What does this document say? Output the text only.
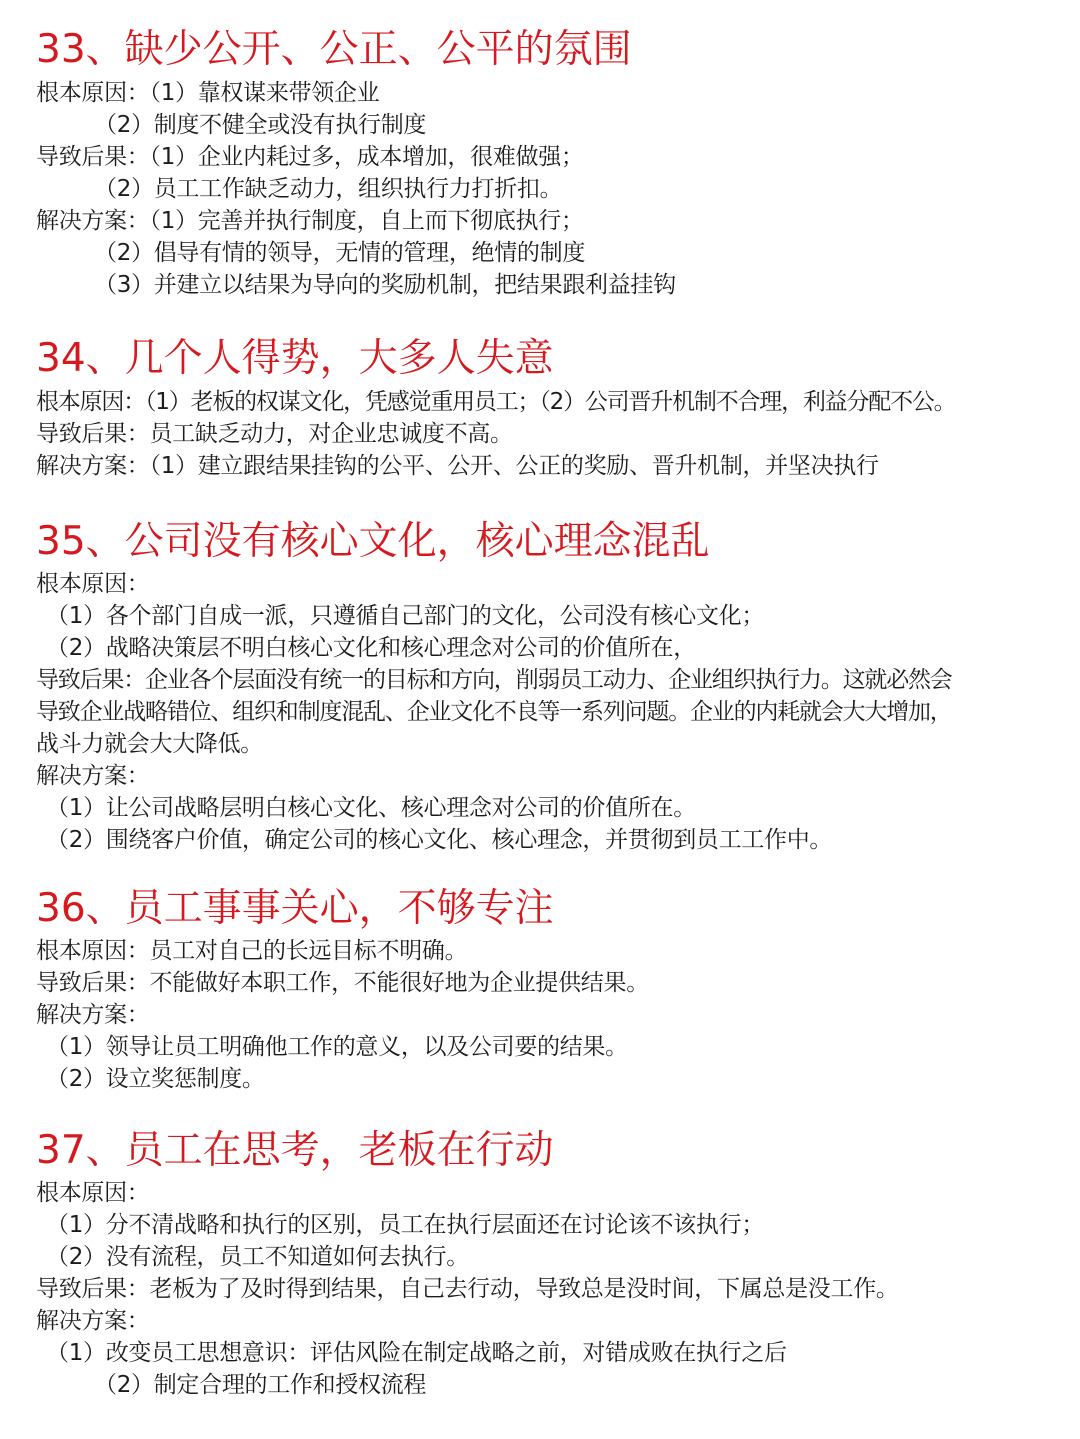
33、缺少公开、公正、公平的氛围

根本原因：（1）靠权谋来带领企业

（2）制度不健全或没有执行制度

导致后果：（1）企业内耗过多，成本增加，很难做强；

（2）员工工作缺乏动力，组织执行力打折扣。

解决方案：（1）完善并执行制度，自上而下彻底执行；

（2）倡导有情的领导，无情的管理，绝情的制度

（3）并建立以结果为导向的奖励机制，把结果跟利益挂钩

34、几个人得势，大多人失意

根本原因：（1）老板的权谋文化，凭感觉重用员工；（2）公司晋升机制不合理，利益分配不公。

导致后果：员工缺乏动力，对企业忠诚度不高。

解决方案：（1）建立跟结果挂钩的公平、公开、公正的奖励、晋升机制，并坚决执行

35、公司没有核心文化，核心理念混乱

根本原因：

（1）各个部门自成一派，只遵循自己部门的文化，公司没有核心文化；

（2）战略决策层不明白核心文化和核心理念对公司的价值所在，

导致后果：企业各个层面没有统一的目标和方向，削弱员工动力、企业组织执行力。这就必然会

导致企业战略错位、组织和制度混乱、企业文化不良等一系列问题。企业的内耗就会大大增加，

战斗力就会大大降低。

解决方案：

（1）让公司战略层明白核心文化、核心理念对公司的价值所在。

（2）围绕客户价值，确定公司的核心文化、核心理念，并贯彻到员工工作中。

36、员工事事关心，不够专注

根本原因：员工对自己的长远目标不明确。

导致后果：不能做好本职工作，不能很好地为企业提供结果。

解决方案：

（1）领导让员工明确他工作的意义，以及公司要的结果。

（2）设立奖惩制度。

37、员工在思考，老板在行动

根本原因：

（1）分不清战略和执行的区别，员工在执行层面还在讨论该不该执行；

（2）没有流程，员工不知道如何去执行。

导致后果：老板为了及时得到结果，自己去行动，导致总是没时间，下属总是没工作。

解决方案：

（1）改变员工思想意识：评估风险在制定战略之前，对错成败在执行之后

（2）制定合理的工作和授权流程
